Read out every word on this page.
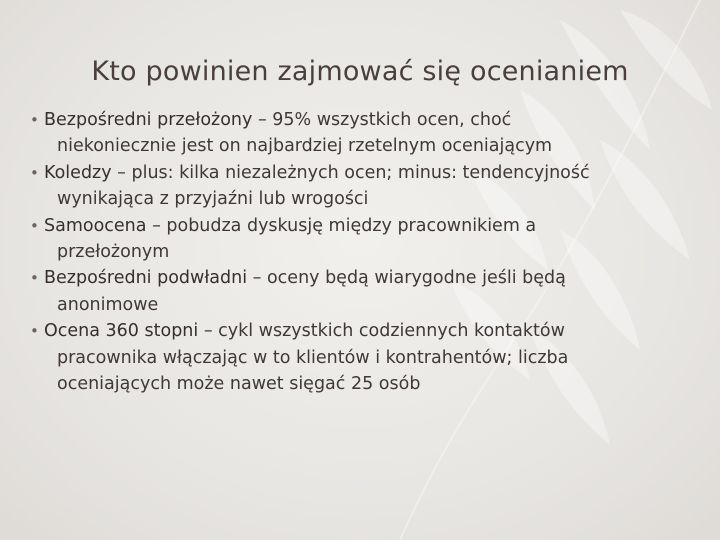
Kto powinien zajmować się ocenianiem
• Bezpośredni przełożony – 95% wszystkich ocen, choć
niekoniecznie jest on najbardziej rzetelnym oceniającym
• Koledzy – plus: kilka niezależnych ocen; minus: tendencyjność
wynikająca z przyjaźni lub wrogości
• Samoocena – pobudza dyskusję między pracownikiem a
przełożonym
• Bezpośredni podwładni – oceny będą wiarygodne jeśli będą
anonimowe
• Ocena 360 stopni – cykl wszystkich codziennych kontaktów
pracownika włączając w to klientów i kontrahentów; liczba
oceniających może nawet sięgać 25 osób
